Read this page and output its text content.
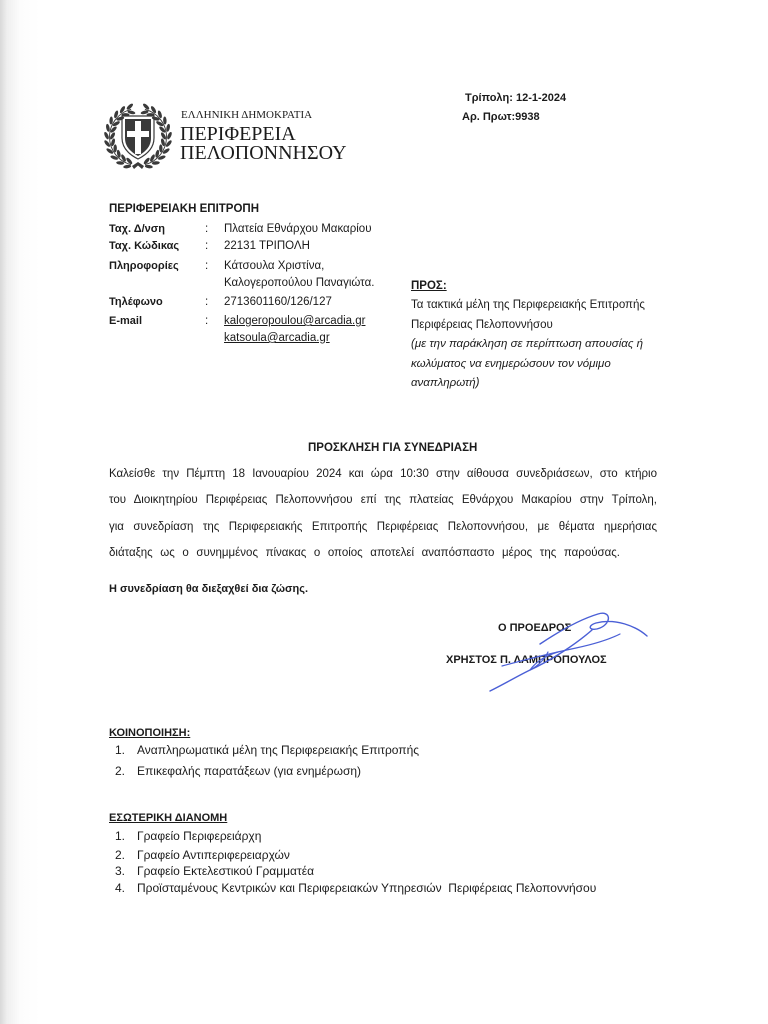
Τρίπολη: 12-1-2024
Αρ. Πρωτ:9938
ΕΛΛΗΝΙΚΗ ΔΗΜΟΚΡΑΤΙΑ
ΠΕΡΙΦΕΡΕΙΑ
ΠΕΛΟΠΟΝΝΗΣΟΥ
ΠΕΡΙΦΕΡΕΙΑΚΗ ΕΠΙΤΡΟΠΗ
Ταχ. Δ/νση	: Πλατεία Εθνάρχου Μακαρίου
Ταχ. Κώδικας : 22131 ΤΡΙΠΟΛΗ
Πληροφορίες : Κάτσουλα Χριστίνα,
Καλογεροπούλου Παναγιώτα.
Τηλέφωνο	: 2713601160/126/127
E-mail	: kalogeropoulou@arcadia.gr
katsoula@arcadia.gr
ΠΡΟΣ:
Τα τακτικά μέλη της Περιφερειακής Επιτροπής
Περιφέρειας Πελοποννήσου
(με την παράκληση σε περίπτωση απουσίας ή
κωλύματος να ενημερώσουν τον νόμιμο
αναπληρωτή)
ΠΡΟΣΚΛΗΣΗ ΓΙΑ ΣΥΝΕΔΡΙΑΣΗ
Καλείσθε την Πέμπτη 18 Ιανουαρίου 2024 και ώρα 10:30 στην αίθουσα συνεδριάσεων, στο κτήριο
του Διοικητηρίου Περιφέρειας Πελοποννήσου επί της πλατείας Εθνάρχου Μακαρίου στην Τρίπολη,
για συνεδρίαση της Περιφερειακής Επιτροπής Περιφέρειας Πελοποννήσου, με θέματα ημερήσιας
διάταξης ως ο συνημμένος πίνακας ο οποίος αποτελεί αναπόσπαστο μέρος της παρούσας.
Η συνεδρίαση θα διεξαχθεί δια ζώσης.
Ο ΠΡΟΕΔΡΟΣ
ΧΡΗΣΤΟΣ Π. ΛΑΜΠΡΟΠΟΥΛΟΣ
ΚΟΙΝΟΠΟΙΗΣΗ:
1. Αναπληρωματικά μέλη της Περιφερειακής Επιτροπής
2. Επικεφαλής παρατάξεων (για ενημέρωση)
ΕΣΩΤΕΡΙΚΗ ΔΙΑΝΟΜΗ
1. Γραφείο Περιφερειάρχη
2. Γραφείο Αντιπεριφερειαρχών
3. Γραφείο Εκτελεστικού Γραμματέα
4. Προϊσταμένους Κεντρικών και Περιφερειακών Υπηρεσιών  Περιφέρειας Πελοποννήσου
